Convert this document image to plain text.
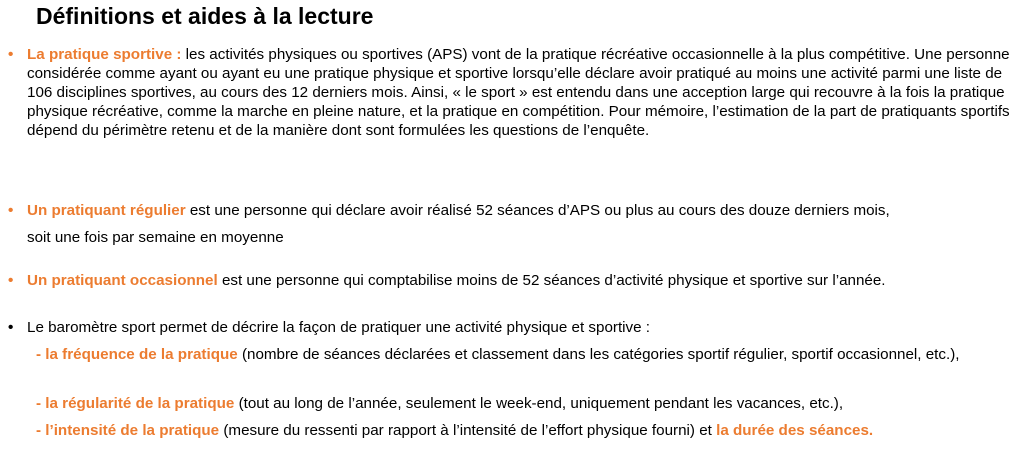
Définitions et aides à la lecture
• La pratique sportive : les activités physiques ou sportives (APS) vont de la pratique récréative occasionnelle à la plus compétitive. Une personne considérée comme ayant ou ayant eu une pratique physique et sportive lorsqu’elle déclare avoir pratiqué au moins une activité parmi une liste de 106 disciplines sportives, au cours des 12 derniers mois. Ainsi, « le sport » est entendu dans une acception large qui recouvre à la fois la pratique physique récréative, comme la marche en pleine nature, et la pratique en compétition. Pour mémoire, l’estimation de la part de pratiquants sportifs dépend du périmètre retenu et de la manière dont sont formulées les questions de l’enquête.
• Un pratiquant régulier est une personne qui déclare avoir réalisé 52 séances d’APS ou plus au cours des douze derniers mois,
soit une fois par semaine en moyenne
• Un pratiquant occasionnel est une personne qui comptabilise moins de 52 séances d’activité physique et sportive sur l’année.
• Le baromètre sport permet de décrire la façon de pratiquer une activité physique et sportive :
- la fréquence de la pratique (nombre de séances déclarées et classement dans les catégories sportif régulier, sportif occasionnel, etc.),
- la régularité de la pratique (tout au long de l’année, seulement le week-end, uniquement pendant les vacances, etc.),
- l’intensité de la pratique (mesure du ressenti par rapport à l’intensité de l’effort physique fourni) et la durée des séances.
